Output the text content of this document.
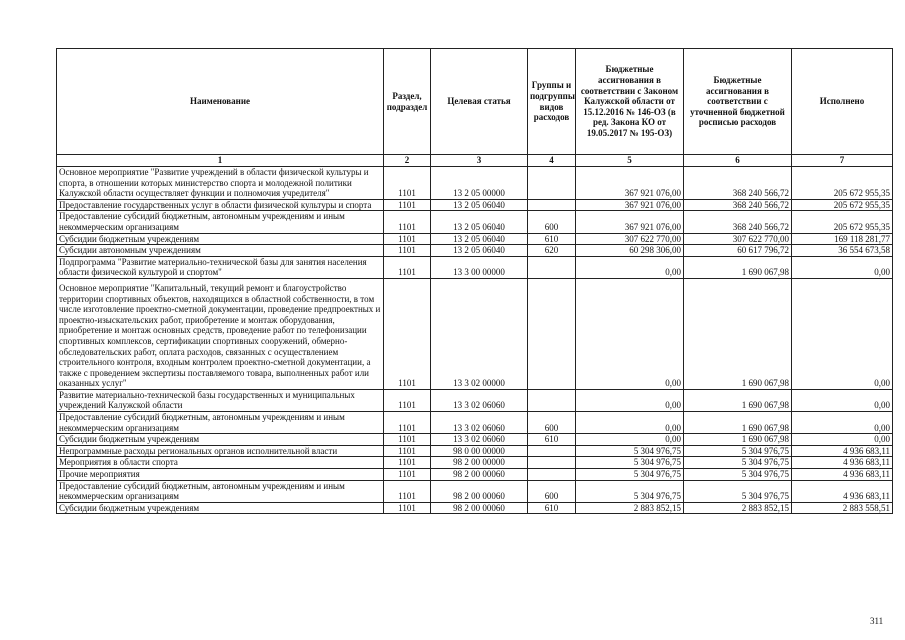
Наименование	Раздел, подраздел	Целевая статья	Группы и подгруппы видов расходов	Бюджетные ассигнования в соответствии с Законом Калужской области от 15.12.2016 № 146-ОЗ (в ред. Закона КО от 19.05.2017 № 195-ОЗ)	Бюджетные ассигнования в соответствии с уточненной бюджетной росписью расходов	Исполнено
1	2	3	4	5	6	7
Основное мероприятие "Развитие учреждений в области физической культуры и спорта, в отношении которых министерство спорта и молодежной политики Калужской области осуществляет функции и полномочия учредителя"	1101	13 2 05 00000		367 921 076,00	368 240 566,72	205 672 955,35
Предоставление государственных услуг в области физической культуры и спорта	1101	13 2 05 06040		367 921 076,00	368 240 566,72	205 672 955,35
Предоставление субсидий бюджетным, автономным учреждениям и иным некоммерческим организациям	1101	13 2 05 06040	600	367 921 076,00	368 240 566,72	205 672 955,35
Субсидии бюджетным учреждениям	1101	13 2 05 06040	610	307 622 770,00	307 622 770,00	169 118 281,77
Субсидии автономным учреждениям	1101	13 2 05 06040	620	60 298 306,00	60 617 796,72	36 554 673,58
Подпрограмма "Развитие материально-технической базы для занятия населения области физической культурой и спортом"	1101	13 3 00 00000		0,00	1 690 067,98	0,00
Основное мероприятие "Капитальный, текущий ремонт и благоустройство территории спортивных объектов, находящихся в областной собственности, в том числе изготовление проектно-сметной документации, проведение предпроектных и проектно-изыскательских работ, приобретение и монтаж оборудования, приобретение и монтаж основных средств, проведение работ по телефонизации спортивных комплексов, сертификации спортивных сооружений, обмерно-обследовательских работ, оплата расходов, связанных с осуществлением строительного контроля, входным контролем проектно-сметной документации, а также с проведением экспертизы поставляемого товара, выполненных работ или оказанных услуг"	1101	13 3 02 00000		0,00	1 690 067,98	0,00
Развитие материально-технической базы государственных и муниципальных учреждений Калужской области	1101	13 3 02 06060		0,00	1 690 067,98	0,00
Предоставление субсидий бюджетным, автономным учреждениям и иным некоммерческим организациям	1101	13 3 02 06060	600	0,00	1 690 067,98	0,00
Субсидии бюджетным учреждениям	1101	13 3 02 06060	610	0,00	1 690 067,98	0,00
Непрограммные расходы региональных органов исполнительной власти	1101	98 0 00 00000		5 304 976,75	5 304 976,75	4 936 683,11
Мероприятия в области спорта	1101	98 2 00 00000		5 304 976,75	5 304 976,75	4 936 683,11
Прочие мероприятия	1101	98 2 00 00060		5 304 976,75	5 304 976,75	4 936 683,11
Предоставление субсидий бюджетным, автономным учреждениям и иным некоммерческим организациям	1101	98 2 00 00060	600	5 304 976,75	5 304 976,75	4 936 683,11
Субсидии бюджетным учреждениям	1101	98 2 00 00060	610	2 883 852,15	2 883 852,15	2 883 558,51
311
